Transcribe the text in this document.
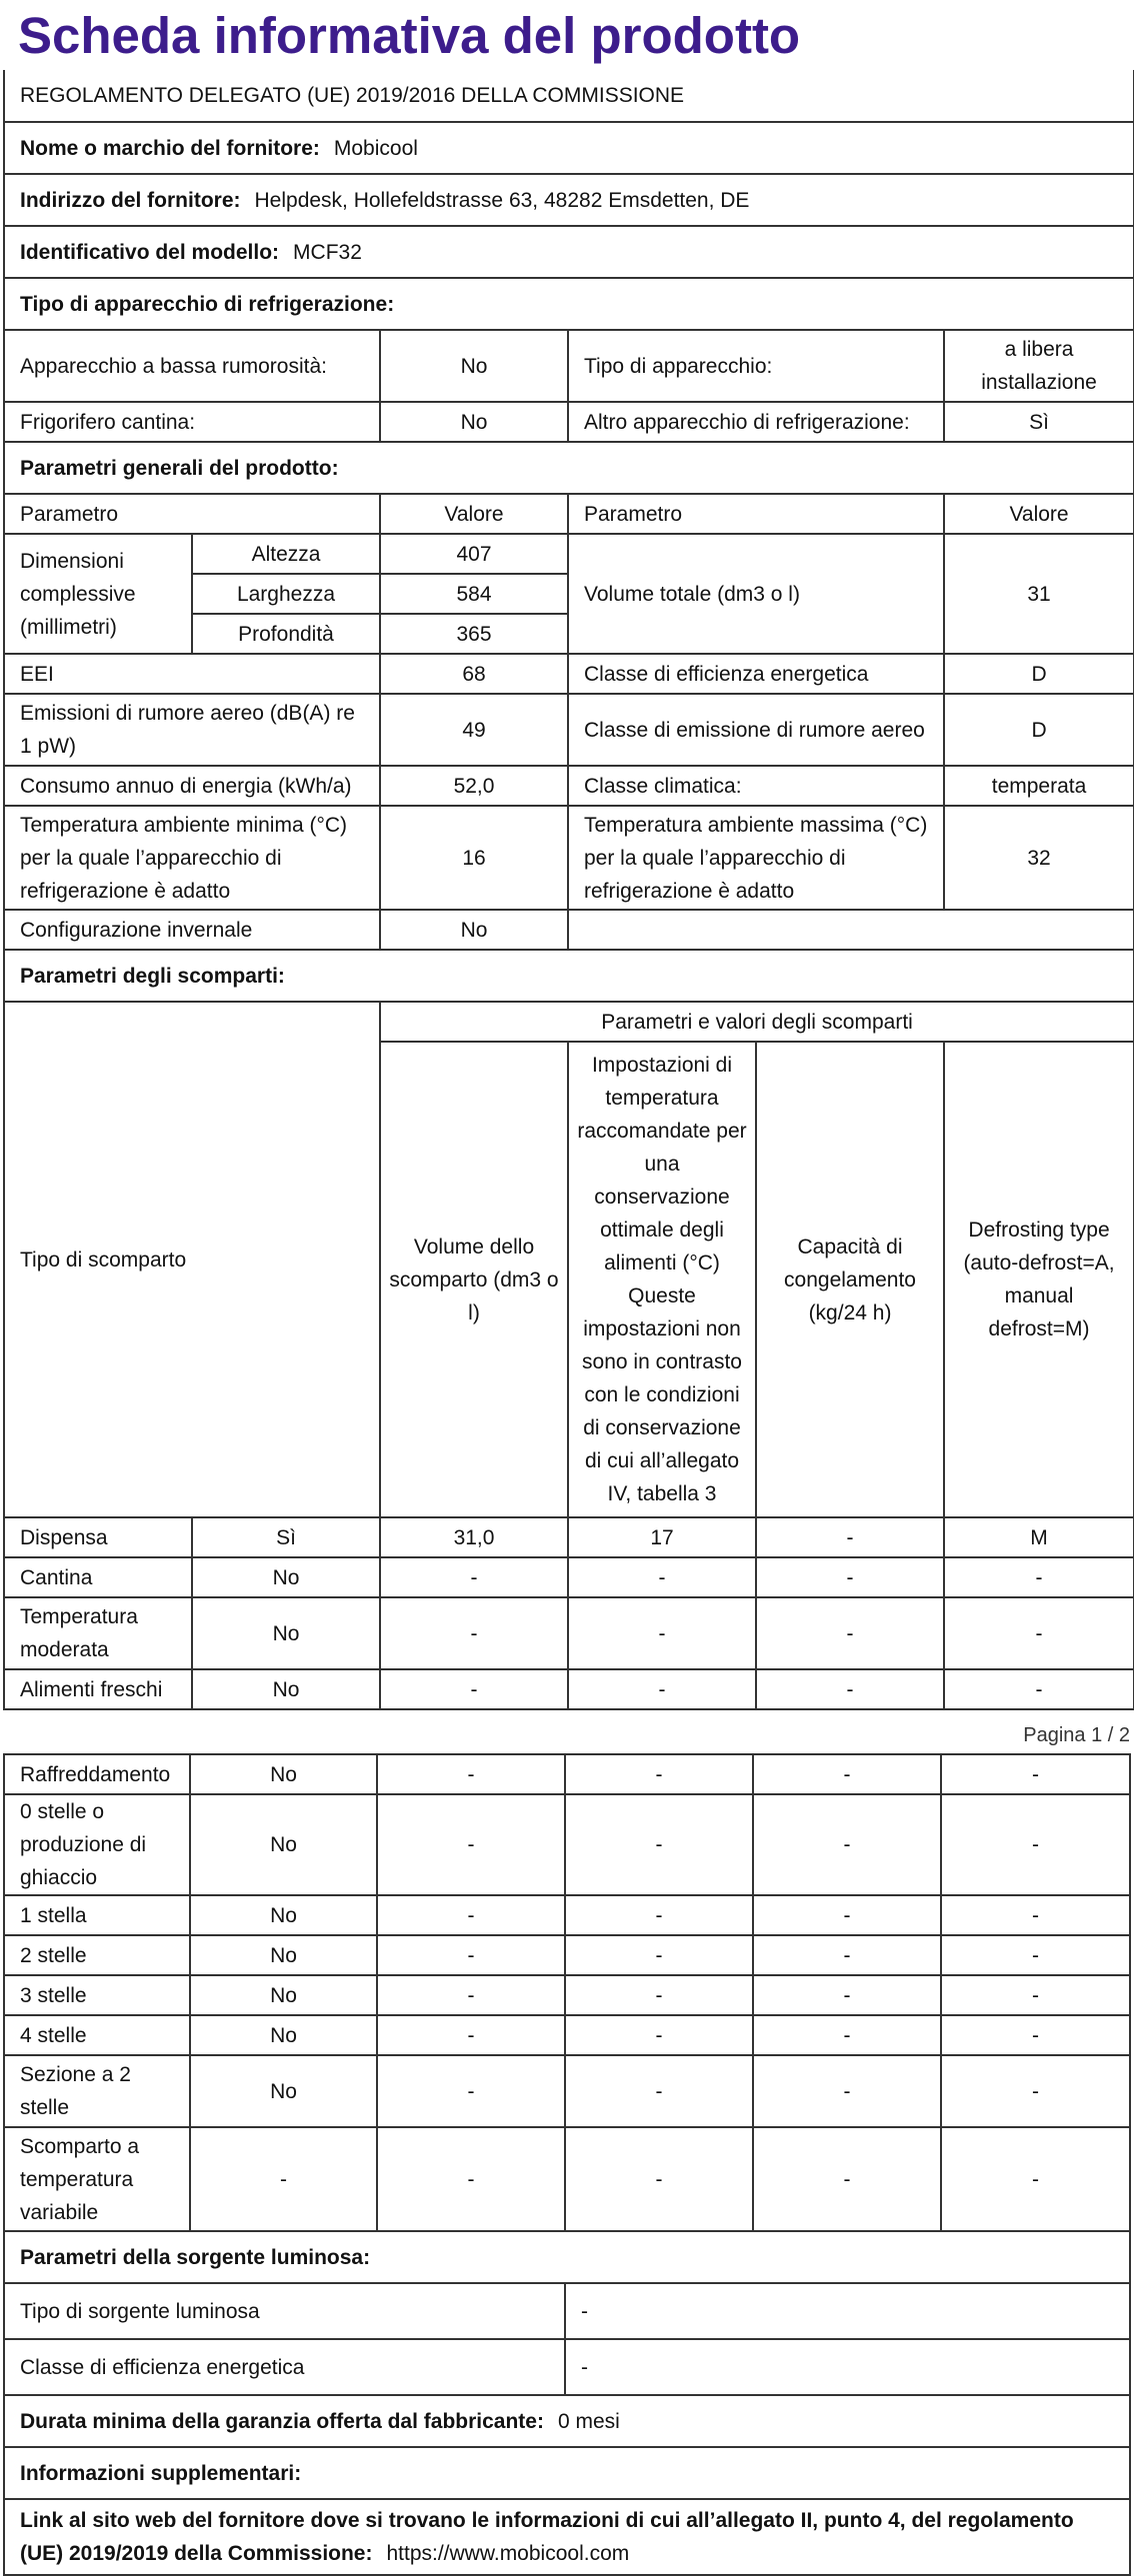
Scheda informativa del prodotto
REGOLAMENTO DELEGATO (UE) 2019/2016 DELLA COMMISSIONE					
Nome o marchio del fornitore: Mobicool					
Indirizzo del fornitore: Helpdesk, Hollefeldstrasse 63, 48282 Emsdetten, DE					
Identificativo del modello: MCF32					
Tipo di apparecchio di refrigerazione:					
Apparecchio a bassa rumorosità:		No	Tipo di apparecchio:		a libera installazione
Frigorifero cantina:		No	Altro apparecchio di refrigerazione:		Sì
Parametri generali del prodotto:					
Parametro		Valore	Parametro		Valore
Dimensioni complessive (millimetri)	Altezza	407	Volume totale (dm3 o l)		31
	Larghezza	584			
	Profondità	365			
EEI		68	Classe di efficienza energetica		D
Emissioni di rumore aereo (dB(A) re 1 pW)		49	Classe di emissione di rumore aereo		D
Consumo annuo di energia (kWh/a)		52,0	Classe climatica:		temperata
Temperatura ambiente minima (°C) per la quale l’apparecchio di refrigerazione è adatto		16	Temperatura ambiente massima (°C) per la quale l’apparecchio di refrigerazione è adatto		32
Configurazione invernale		No			
Parametri degli scomparti:					
Tipo di scomparto		Parametri e valori degli scomparti			
		Volume dello scomparto (dm3 o l)	Impostazioni di temperatura raccomandate per una conservazione ottimale degli alimenti (°C) Queste impostazioni non sono in contrasto con le condizioni di conservazione di cui all’allegato IV, tabella 3	Capacità di congelamento (kg/24 h)	Defrosting type (auto-defrost=A, manual defrost=M)
Dispensa	Sì	31,0	17	-	M
Cantina	No	-	-	-	-
Temperatura moderata	No	-	-	-	-
Alimenti freschi	No	-	-	-	-
Pagina 1 / 2
Raffreddamento	No	-	-	-	-
0 stelle o produzione di ghiaccio	No	-	-	-	-
1 stella	No	-	-	-	-
2 stelle	No	-	-	-	-
3 stelle	No	-	-	-	-
4 stelle	No	-	-	-	-
Sezione a 2 stelle	No	-	-	-	-
Scomparto a temperatura variabile	-	-	-	-	-
Parametri della sorgente luminosa:					
Tipo di sorgente luminosa			-		
Classe di efficienza energetica			-		
Durata minima della garanzia offerta dal fabbricante: 0 mesi					
Informazioni supplementari:					
Link al sito web del fornitore dove si trovano le informazioni di cui all’allegato II, punto 4, del regolamento (UE) 2019/2019 della Commissione: https://www.mobicool.com					
